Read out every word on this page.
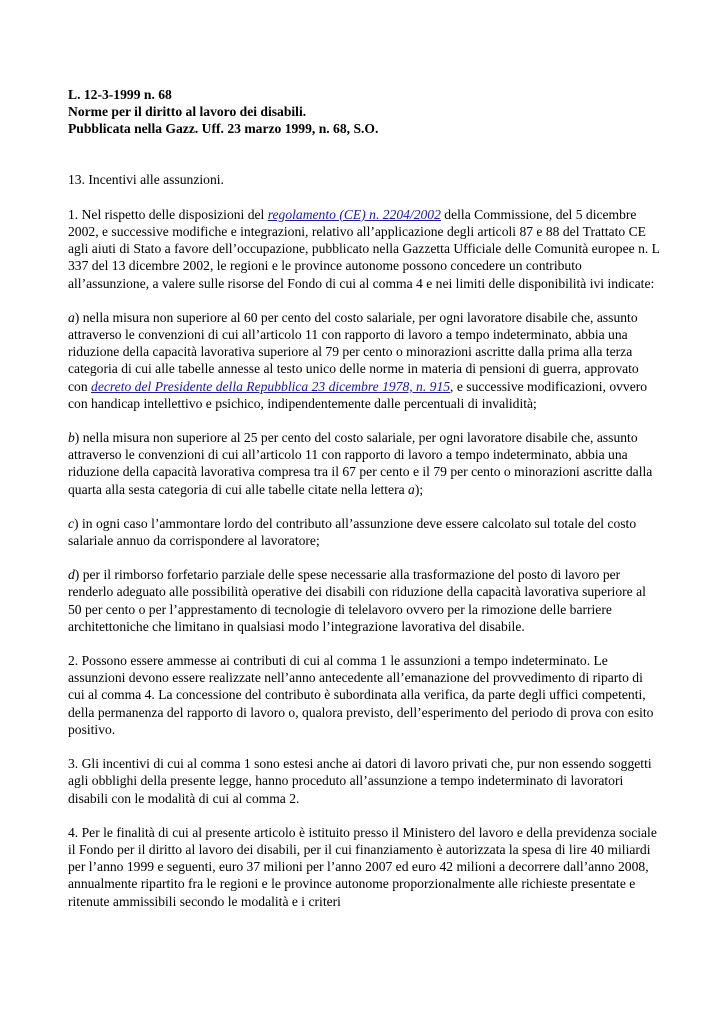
L. 12-3-1999 n. 68
Norme per il diritto al lavoro dei disabili.
Pubblicata nella Gazz. Uff. 23 marzo 1999, n. 68, S.O.
13. Incentivi alle assunzioni.

1. Nel rispetto delle disposizioni del regolamento (CE) n. 2204/2002 della Commissione, del 5 dicembre 2002, e successive modifiche e integrazioni, relativo all’applicazione degli articoli 87 e 88 del Trattato CE agli aiuti di Stato a favore dell’occupazione, pubblicato nella Gazzetta Ufficiale delle Comunità europee n. L 337 del 13 dicembre 2002, le regioni e le province autonome possono concedere un contributo all’assunzione, a valere sulle risorse del Fondo di cui al comma 4 e nei limiti delle disponibilità ivi indicate:

a) nella misura non superiore al 60 per cento del costo salariale, per ogni lavoratore disabile che, assunto attraverso le convenzioni di cui all’articolo 11 con rapporto di lavoro a tempo indeterminato, abbia una riduzione della capacità lavorativa superiore al 79 per cento o minorazioni ascritte dalla prima alla terza categoria di cui alle tabelle annesse al testo unico delle norme in materia di pensioni di guerra, approvato con decreto del Presidente della Repubblica 23 dicembre 1978, n. 915, e successive modificazioni, ovvero con handicap intellettivo e psichico, indipendentemente dalle percentuali di invalidità;

b) nella misura non superiore al 25 per cento del costo salariale, per ogni lavoratore disabile che, assunto attraverso le convenzioni di cui all’articolo 11 con rapporto di lavoro a tempo indeterminato, abbia una riduzione della capacità lavorativa compresa tra il 67 per cento e il 79 per cento o minorazioni ascritte dalla quarta alla sesta categoria di cui alle tabelle citate nella lettera a);

c) in ogni caso l’ammontare lordo del contributo all’assunzione deve essere calcolato sul totale del costo salariale annuo da corrispondere al lavoratore;

d) per il rimborso forfetario parziale delle spese necessarie alla trasformazione del posto di lavoro per renderlo adeguato alle possibilità operative dei disabili con riduzione della capacità lavorativa superiore al 50 per cento o per l’apprestamento di tecnologie di telelavoro ovvero per la rimozione delle barriere architettoniche che limitano in qualsiasi modo l’integrazione lavorativa del disabile.

2. Possono essere ammesse ai contributi di cui al comma 1 le assunzioni a tempo indeterminato. Le assunzioni devono essere realizzate nell’anno antecedente all’emanazione del provvedimento di riparto di cui al comma 4. La concessione del contributo è subordinata alla verifica, da parte degli uffici competenti, della permanenza del rapporto di lavoro o, qualora previsto, dell’esperimento del periodo di prova con esito positivo.

3. Gli incentivi di cui al comma 1 sono estesi anche ai datori di lavoro privati che, pur non essendo soggetti agli obblighi della presente legge, hanno proceduto all’assunzione a tempo indeterminato di lavoratori disabili con le modalità di cui al comma 2.

4. Per le finalità di cui al presente articolo è istituito presso il Ministero del lavoro e della previdenza sociale il Fondo per il diritto al lavoro dei disabili, per il cui finanziamento è autorizzata la spesa di lire 40 miliardi per l’anno 1999 e seguenti, euro 37 milioni per l’anno 2007 ed euro 42 milioni a decorrere dall’anno 2008, annualmente ripartito fra le regioni e le province autonome proporzionalmente alle richieste presentate e ritenute ammissibili secondo le modalità e i criteri
